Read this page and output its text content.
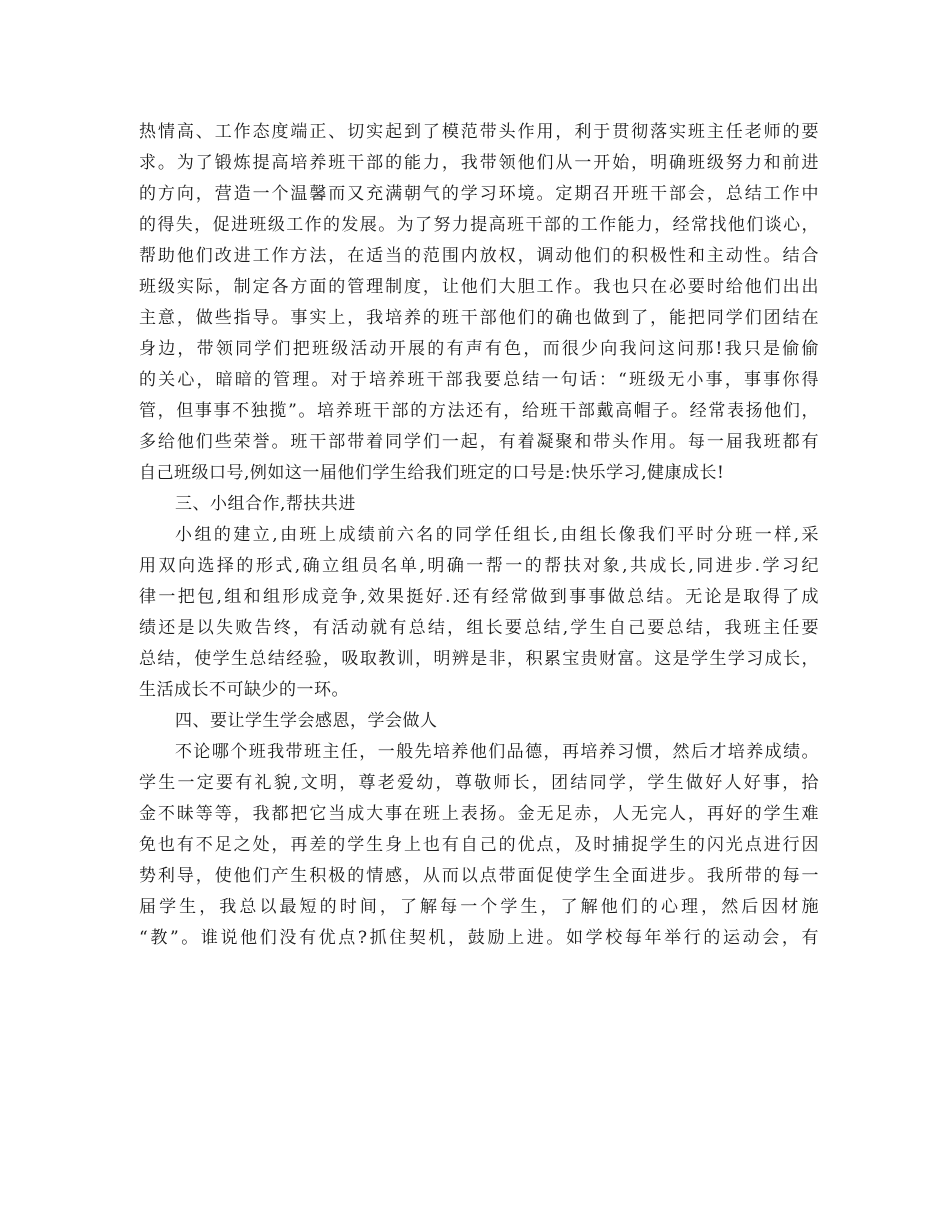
热情高、工作态度端正、切实起到了模范带头作用，利于贯彻落实班主任老师的要
求。为了锻炼提高培养班干部的能力，我带领他们从一开始，明确班级努力和前进
的方向，营造一个温馨而又充满朝气的学习环境。定期召开班干部会，总结工作中
的得失，促进班级工作的发展。为了努力提高班干部的工作能力，经常找他们谈心，
帮助他们改进工作方法，在适当的范围内放权，调动他们的积极性和主动性。结合
班级实际，制定各方面的管理制度，让他们大胆工作。我也只在必要时给他们出出
主意，做些指导。事实上，我培养的班干部他们的确也做到了，能把同学们团结在
身边，带领同学们把班级活动开展的有声有色，而很少向我问这问那!我只是偷偷
的关心，暗暗的管理。对于培养班干部我要总结一句话：“班级无小事，事事你得
管，但事事不独揽”。培养班干部的方法还有，给班干部戴高帽子。经常表扬他们，
多给他们些荣誉。班干部带着同学们一起，有着凝聚和带头作用。每一届我班都有
自己班级口号,例如这一届他们学生给我们班定的口号是:快乐学习,健康成长!
三、小组合作,帮扶共进
小组的建立,由班上成绩前六名的同学任组长,由组长像我们平时分班一样,采
用双向选择的形式,确立组员名单,明确一帮一的帮扶对象,共成长,同进步.学习纪
律一把包,组和组形成竞争,效果挺好.还有经常做到事事做总结。无论是取得了成
绩还是以失败告终，有活动就有总结，组长要总结,学生自己要总结，我班主任要
总结，使学生总结经验，吸取教训，明辨是非，积累宝贵财富。这是学生学习成长，
生活成长不可缺少的一环。
四、要让学生学会感恩，学会做人
不论哪个班我带班主任，一般先培养他们品德，再培养习惯，然后才培养成绩。
学生一定要有礼貌,文明，尊老爱幼，尊敬师长，团结同学，学生做好人好事，拾
金不昧等等，我都把它当成大事在班上表扬。金无足赤，人无完人，再好的学生难
免也有不足之处，再差的学生身上也有自己的优点，及时捕捉学生的闪光点进行因
势利导，使他们产生积极的情感，从而以点带面促使学生全面进步。我所带的每一
届学生，我总以最短的时间，了解每一个学生，了解他们的心理，然后因材施
“教”。谁说他们没有优点?抓住契机，鼓励上进。如学校每年举行的运动会，有
